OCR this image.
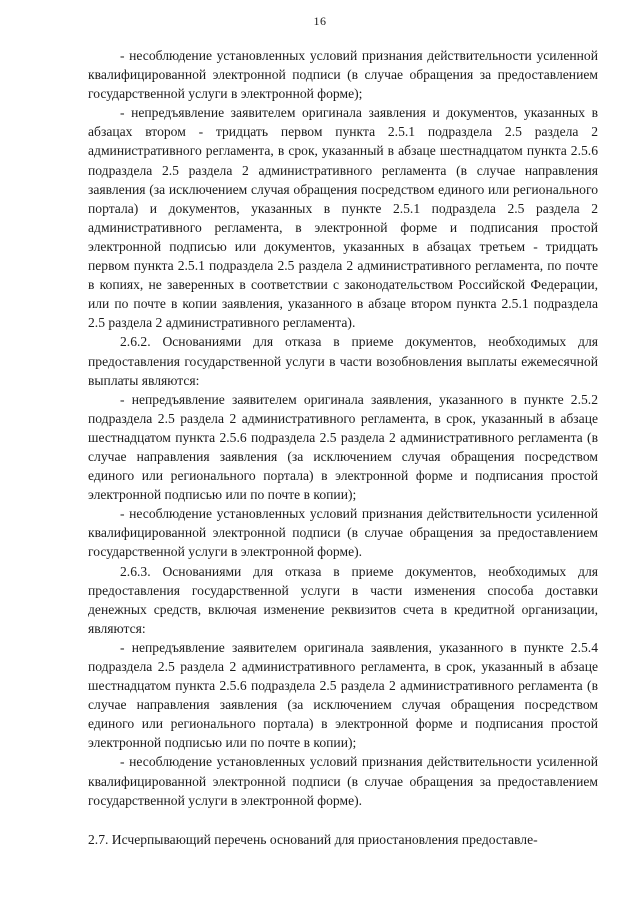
16

- несоблюдение установленных условий признания действительности усиленной квалифицированной электронной подписи (в случае обращения за предоставлением государственной услуги в электронной форме);

- непредъявление заявителем оригинала заявления и документов, указанных в абзацах втором - тридцать первом пункта 2.5.1 подраздела 2.5 раздела 2 административного регламента, в срок, указанный в абзаце шестнадцатом пункта 2.5.6 подраздела 2.5 раздела 2 административного регламента (в случае направления заявления (за исключением случая обращения посредством единого или регионального портала) и документов, указанных в пункте 2.5.1 подраздела 2.5 раздела 2 административного регламента, в электронной форме и подписания простой электронной подписью или документов, указанных в абзацах третьем - тридцать первом пункта 2.5.1 подраздела 2.5 раздела 2 административного регламента, по почте в копиях, не заверенных в соответствии с законодательством Российской Федерации, или по почте в копии заявления, указанного в абзаце втором пункта 2.5.1 подраздела 2.5 раздела 2 административного регламента).

2.6.2. Основаниями для отказа в приеме документов, необходимых для предоставления государственной услуги в части возобновления выплаты ежемесячной выплаты являются:

- непредъявление заявителем оригинала заявления, указанного в пункте 2.5.2 подраздела 2.5 раздела 2 административного регламента, в срок, указанный в абзаце шестнадцатом пункта 2.5.6 подраздела 2.5 раздела 2 административного регламента (в случае направления заявления (за исключением случая обращения посредством единого или регионального портала) в электронной форме и подписания простой электронной подписью или по почте в копии);

- несоблюдение установленных условий признания действительности усиленной квалифицированной электронной подписи (в случае обращения за предоставлением государственной услуги в электронной форме).

2.6.3. Основаниями для отказа в приеме документов, необходимых для предоставления государственной услуги в части изменения способа доставки денежных средств, включая изменение реквизитов счета в кредитной организации, являются:

- непредъявление заявителем оригинала заявления, указанного в пункте 2.5.4 подраздела 2.5 раздела 2 административного регламента, в срок, указанный в абзаце шестнадцатом пункта 2.5.6 подраздела 2.5 раздела 2 административного регламента (в случае направления заявления (за исключением случая обращения посредством единого или регионального портала) в электронной форме и подписания простой электронной подписью или по почте в копии);

- несоблюдение установленных условий признания действительности усиленной квалифицированной электронной подписи (в случае обращения за предоставлением государственной услуги в электронной форме).

2.7. Исчерпывающий перечень оснований для приостановления предоставле-
